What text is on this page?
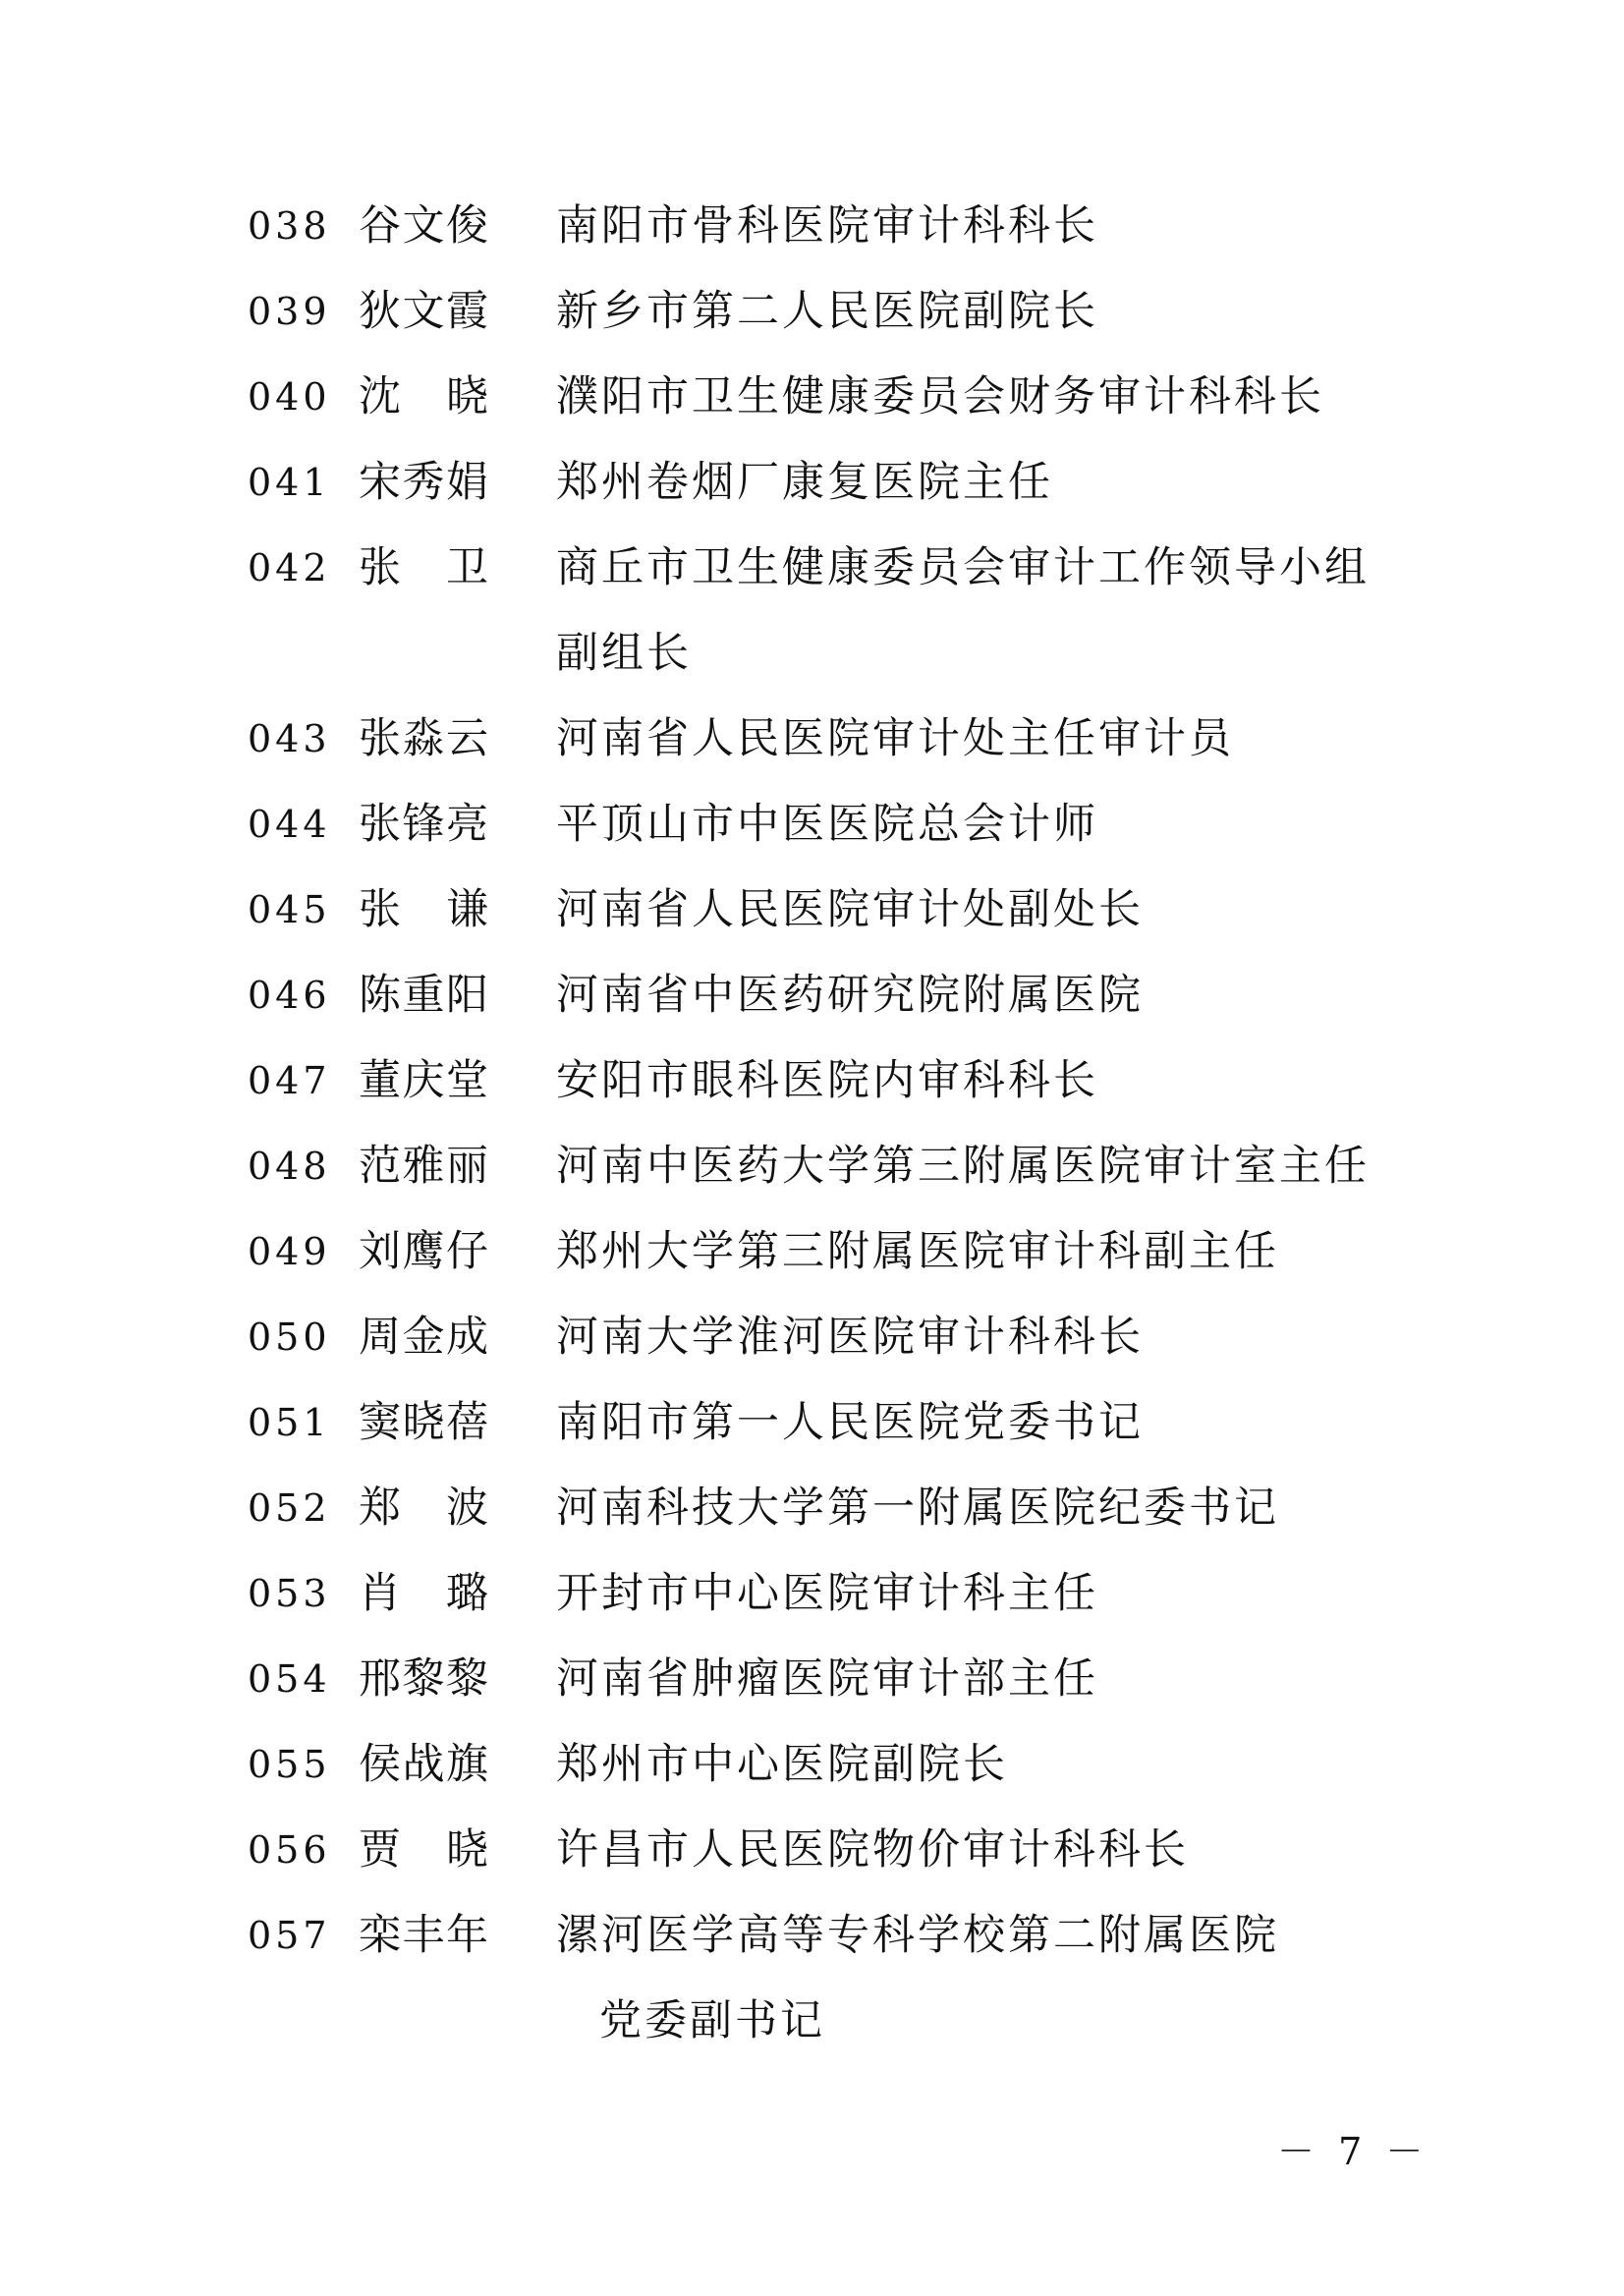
038 谷文俊 南阳市骨科医院审计科科长
039 狄文霞 新乡市第二人民医院副院长
040 沈晓 濮阳市卫生健康委员会财务审计科科长
041 宋秀娟 郑州卷烟厂康复医院主任
042 张卫 商丘市卫生健康委员会审计工作领导小组
副组长
043 张淼云 河南省人民医院审计处主任审计员
044 张锋亮 平顶山市中医医院总会计师
045 张谦 河南省人民医院审计处副处长
046 陈重阳 河南省中医药研究院附属医院
047 董庆堂 安阳市眼科医院内审科科长
048 范雅丽 河南中医药大学第三附属医院审计室主任
049 刘鹰仔 郑州大学第三附属医院审计科副主任
050 周金成 河南大学淮河医院审计科科长
051 窦晓蓓 南阳市第一人民医院党委书记
052 郑波 河南科技大学第一附属医院纪委书记
053 肖璐 开封市中心医院审计科主任
054 邢黎黎 河南省肿瘤医院审计部主任
055 侯战旗 郑州市中心医院副院长
056 贾晓 许昌市人民医院物价审计科科长
057 栾丰年 漯河医学高等专科学校第二附属医院
党委副书记
－ 7 －
